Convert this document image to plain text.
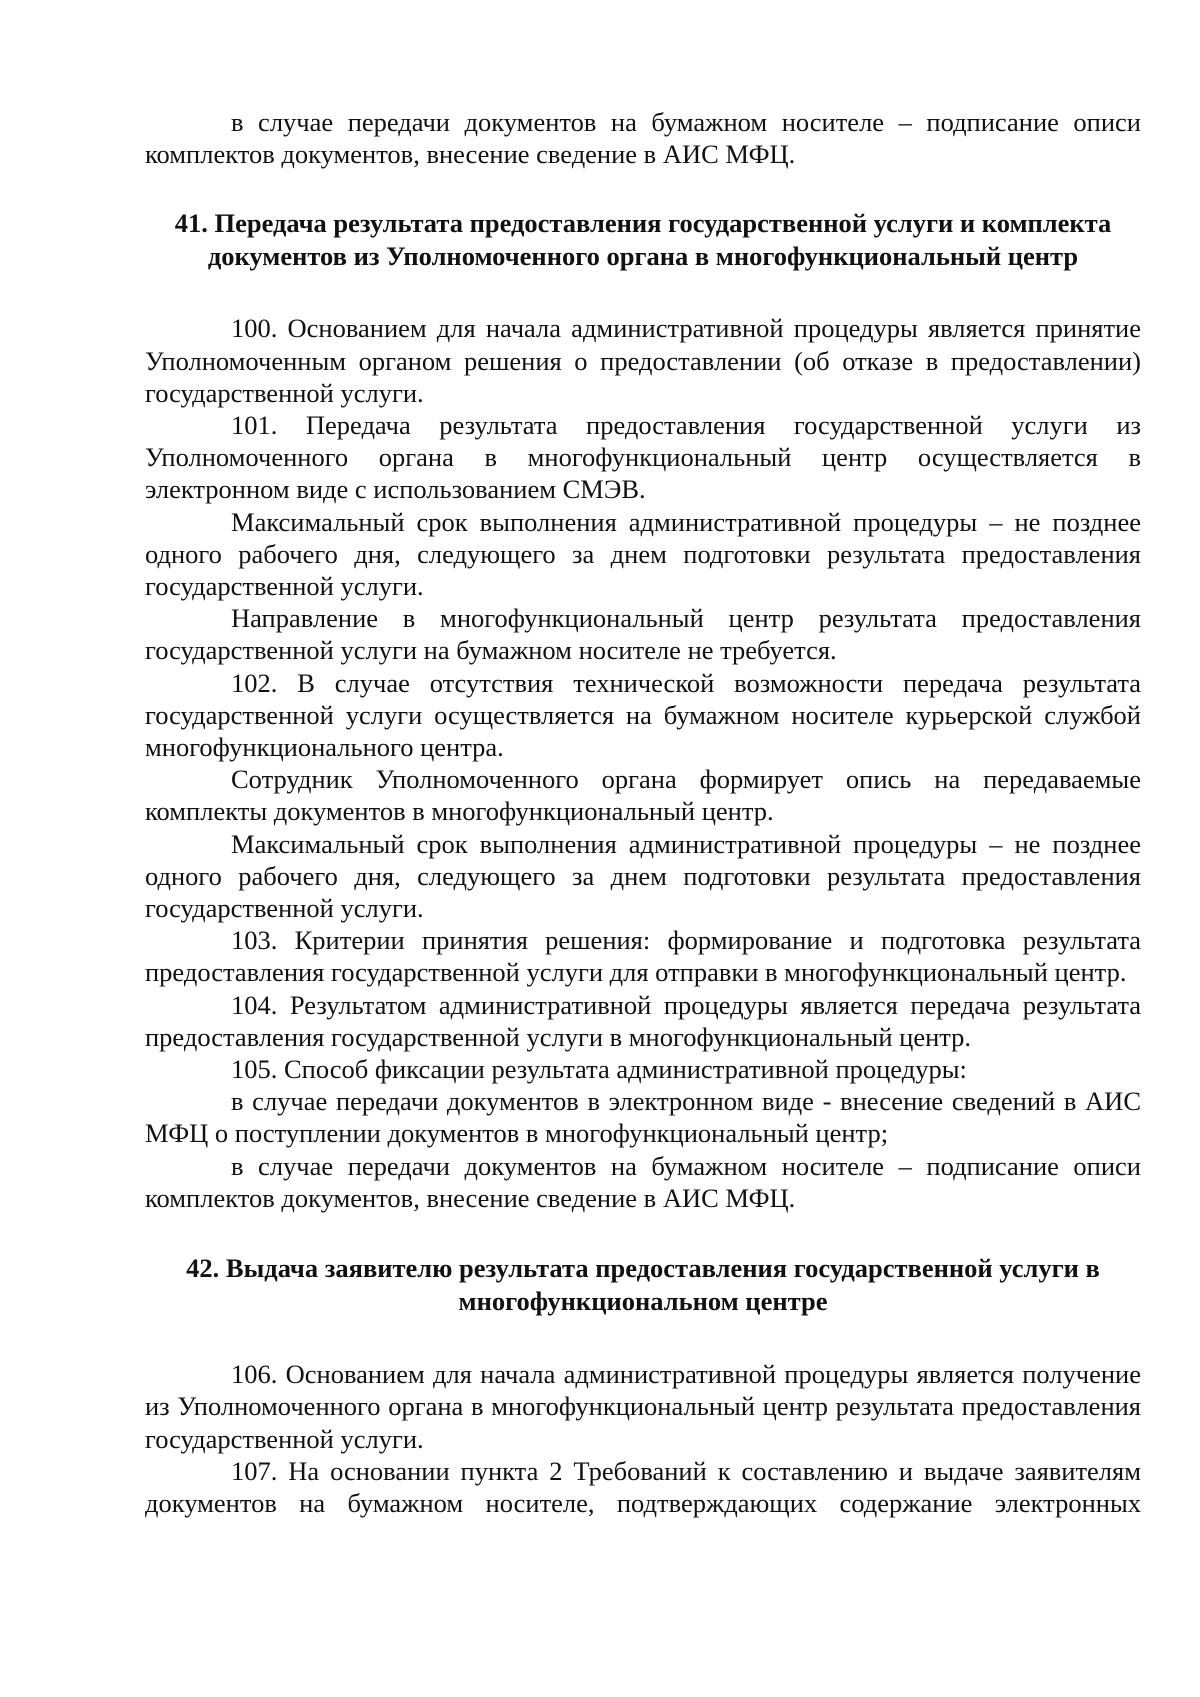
в случае передачи документов на бумажном носителе – подписание описи комплектов документов, внесение сведение в АИС МФЦ.

41. Передача результата предоставления государственной услуги и комплекта документов из Уполномоченного органа в многофункциональный центр

100. Основанием для начала административной процедуры является принятие Уполномоченным органом решения о предоставлении (об отказе в предоставлении) государственной услуги.

101. Передача результата предоставления государственной услуги из Уполномоченного органа в многофункциональный центр осуществляется в электронном виде с использованием СМЭВ.

Максимальный срок выполнения административной процедуры – не позднее одного рабочего дня, следующего за днем подготовки результата предоставления государственной услуги.

Направление в многофункциональный центр результата предоставления государственной услуги на бумажном носителе не требуется.

102. В случае отсутствия технической возможности передача результата государственной услуги осуществляется на бумажном носителе курьерской службой многофункционального центра.

Сотрудник Уполномоченного органа формирует опись на передаваемые комплекты документов в многофункциональный центр.

Максимальный срок выполнения административной процедуры – не позднее одного рабочего дня, следующего за днем подготовки результата предоставления государственной услуги.

103. Критерии принятия решения: формирование и подготовка результата предоставления государственной услуги для отправки в многофункциональный центр.

104. Результатом административной процедуры является передача результата предоставления государственной услуги в многофункциональный центр.

105. Способ фиксации результата административной процедуры:

в случае передачи документов в электронном виде - внесение сведений в АИС МФЦ о поступлении документов в многофункциональный центр;

в случае передачи документов на бумажном носителе – подписание описи комплектов документов, внесение сведение в АИС МФЦ.

42. Выдача заявителю результата предоставления государственной услуги в многофункциональном центре

106. Основанием для начала административной процедуры является получение из Уполномоченного органа в многофункциональный центр результата предоставления государственной услуги.

107. На основании пункта 2 Требований к составлению и выдаче заявителям документов на бумажном носителе, подтверждающих содержание электронных
